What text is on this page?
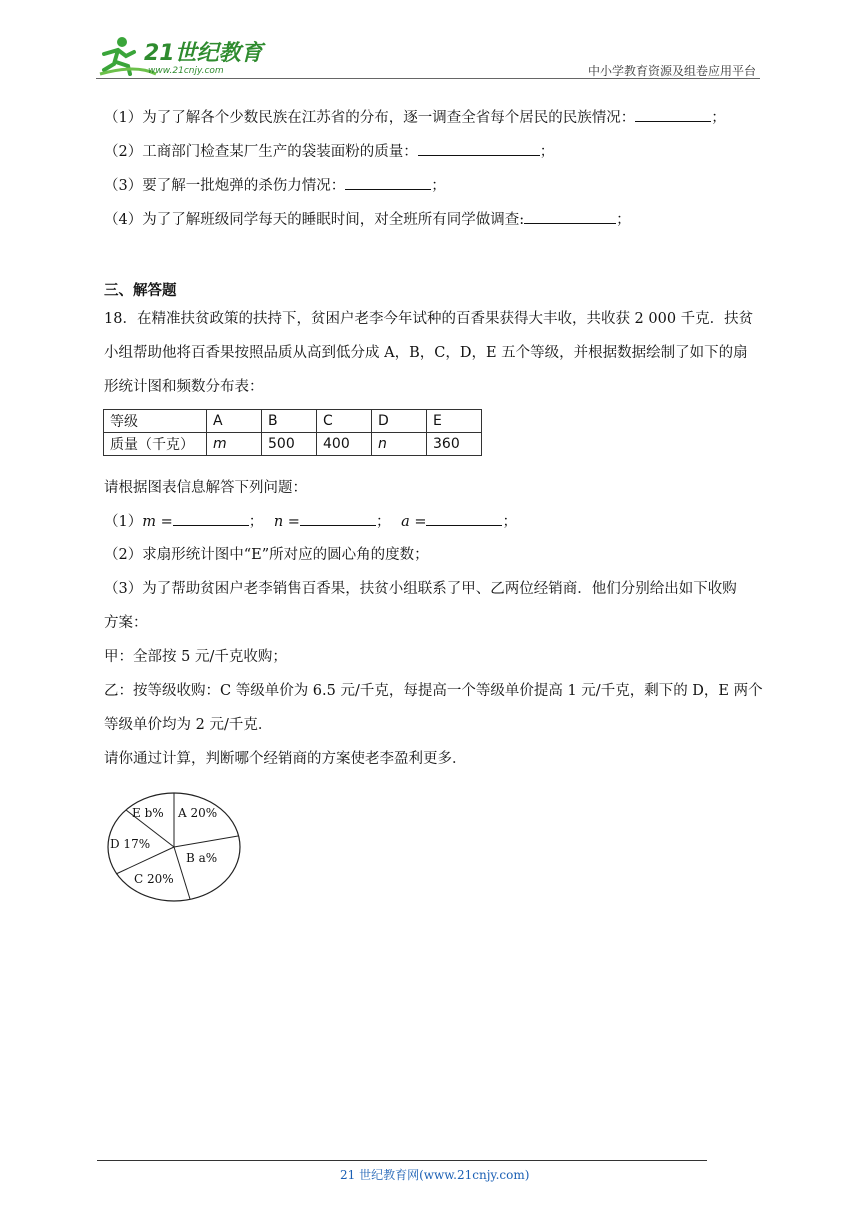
21世纪教育
www.21cnjy.com	中小学教育资源及组卷应用平台
（1）为了了解各个少数民族在江苏省的分布，逐一调查全省每个居民的民族情况：	；
（2）工商部门检查某厂生产的袋装面粉的质量：	；
（3）要了解一批炮弹的杀伤力情况：	；
（4）为了了解班级同学每天的睡眠时间，对全班所有同学做调查:	；
三、解答题
18．在精准扶贫政策的扶持下，贫困户老李今年试种的百香果获得大丰收，共收获 2 000 千克．扶贫
小组帮助他将百香果按照品质从高到低分成 A，B，C，D，E 五个等级，并根据数据绘制了如下的扇
形统计图和频数分布表：
等级	A	B	C	D	E
质量（千克）	m	500	400	n	360
请根据图表信息解答下列问题：
（1）m =	； n =	； a =	；
（2）求扇形统计图中“E”所对应的圆心角的度数；
（3）为了帮助贫困户老李销售百香果，扶贫小组联系了甲、乙两位经销商．他们分别给出如下收购
方案：
甲：全部按 5 元/千克收购；
乙：按等级收购：C 等级单价为 6.5 元/千克，每提高一个等级单价提高 1 元/千克，剩下的 D，E 两个
等级单价均为 2 元/千克．
请你通过计算，判断哪个经销商的方案使老李盈利更多．
E b% A 20%
D 17%
B a%
C 20%
21 世纪教育网(www.21cnjy.com)
